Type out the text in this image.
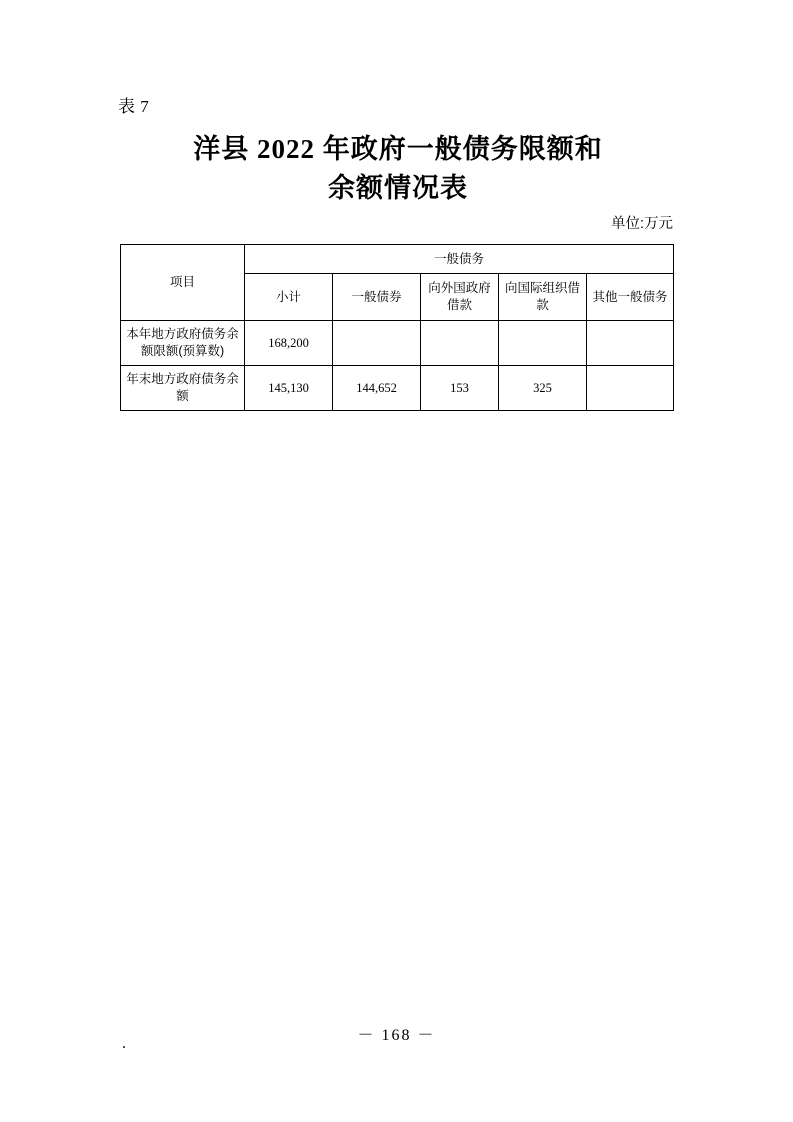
表 7
洋县 2022 年政府一般债务限额和
余额情况表
单位:万元
项目	一般债务				
	小计	一般债券	向外国政府借款	向国际组织借款	其他一般债务
本年地方政府债务余额限额(预算数)	168,200				
年末地方政府债务余额	145,130	144,652	153	325	
.	－ 168 －
